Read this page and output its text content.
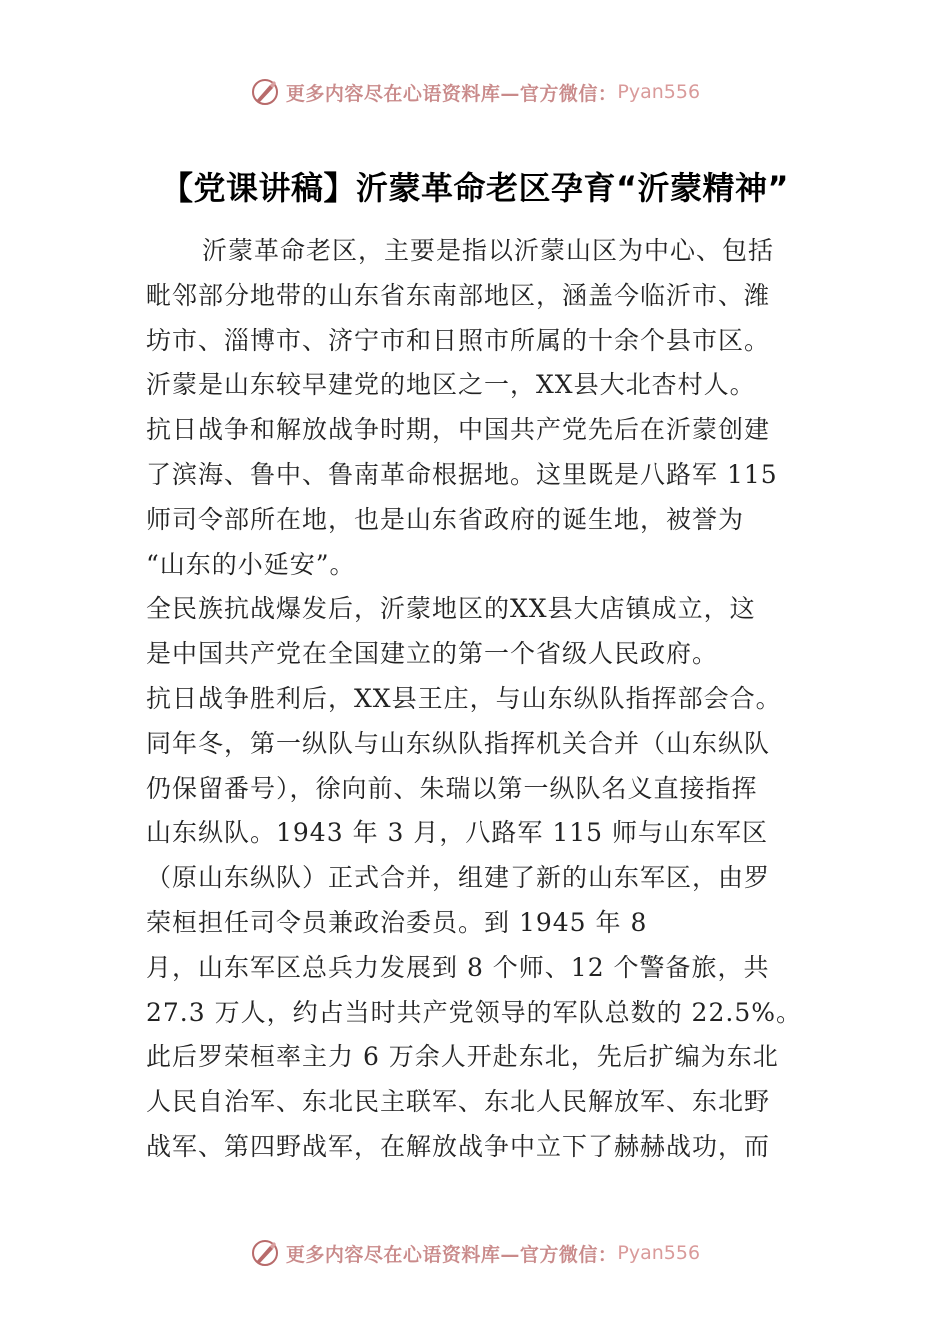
更多内容尽在心语资料库—官方微信： Pyan556
【党课讲稿】沂蒙革命老区孕育“沂蒙精神”
沂蒙革命老区，主要是指以沂蒙山区为中心、包括
毗邻部分地带的山东省东南部地区，涵盖今临沂市、潍
坊市、淄博市、济宁市和日照市所属的十余个县市区。
沂蒙是山东较早建党的地区之一，XX县大北杏村人。
抗日战争和解放战争时期，中国共产党先后在沂蒙创建
了滨海、鲁中、鲁南革命根据地。这里既是八路军 115
师司令部所在地，也是山东省政府的诞生地，被誉为
“山东的小延安”。
全民族抗战爆发后，沂蒙地区的XX县大店镇成立，这
是中国共产党在全国建立的第一个省级人民政府。
抗日战争胜利后，XX县王庄，与山东纵队指挥部会合。
同年冬，第一纵队与山东纵队指挥机关合并（山东纵队
仍保留番号），徐向前、朱瑞以第一纵队名义直接指挥
山东纵队。1943 年 3 月，八路军 115 师与山东军区
（原山东纵队）正式合并，组建了新的山东军区，由罗
荣桓担任司令员兼政治委员。到 1945 年 8
月，山东军区总兵力发展到 8 个师、12 个警备旅，共
27.3 万人，约占当时共产党领导的军队总数的 22.5%。
此后罗荣桓率主力 6 万余人开赴东北，先后扩编为东北
人民自治军、东北民主联军、东北人民解放军、东北野
战军、第四野战军，在解放战争中立下了赫赫战功，而
更多内容尽在心语资料库—官方微信： Pyan556
